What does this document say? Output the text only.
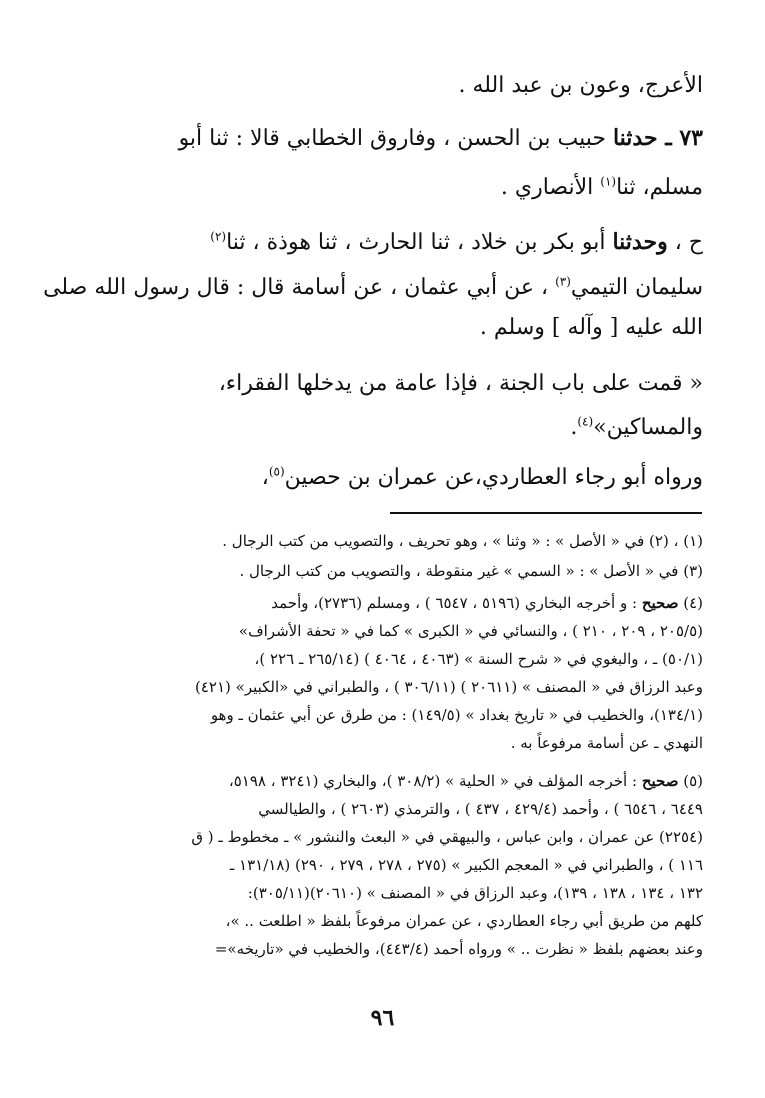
الأعرج، وعون بن عبد الله .
٧٣ ـ حدثنا حبيب بن الحسن ، وفاروق الخطابي قالا : ثنا أبو
مسلم، ثنا$^{(١)}$ الأنصاري .
ح ، وحدثنا أبو بكر بن خلاد ، ثنا الحارث ، ثنا هوذة ، ثنا$^{(٢)}$
سليمان التيمي$^{(٣)}$ ، عن أبي عثمان ، عن أسامة قال : قال رسول الله صلى
الله عليه [ وآله ] وسلم .
« قمت على باب الجنة ، فإذا عامة من يدخلها الفقراء،
والمساكين»$^{(٤)}$.
ورواه أبو رجاء العطاردي،عن عمران بن حصين$^{(٥)}$،
(١) ، (٢) في « الأصل » : « وثنا » ، وهو تحريف ، والتصويب من كتب الرجال .
(٣) في « الأصل » : « السمي » غير منقوطة ، والتصويب من كتب الرجال .
(٤) صحيح : و أخرجه البخاري (٥١٩٦ ، ٦٥٤٧ ) ، ومسلم (٢٧٣٦)، وأحمد
(٢٠٥/٥ ، ٢٠٩ ، ٢١٠ ) ، والنسائي في « الكبرى » كما في « تحفة الأشراف»
(٥٠/١) ـ ، والبغوي في « شرح السنة » (٤٠٦٣ ، ٤٠٦٤ ) (٢٦٥/١٤ ـ ٢٢٦ )،
وعبد الرزاق في « المصنف » (٢٠٦١١ ) (٣٠٦/١١ ) ، والطبراني في «الكبير» (٤٢١)
(١٣٤/١)، والخطيب في « تاريخ بغداد » (١٤٩/٥) : من طرق عن أبي عثمان ـ وهو
النهدي ـ عن أسامة مرفوعاً به .
(٥) صحيح : أخرجه المؤلف في « الحلية » (٣٠٨/٢ )، والبخاري (٣٢٤١ ، ٥١٩٨،
٦٤٤٩ ، ٦٥٤٦ ) ، وأحمد (٤٢٩/٤ ، ٤٣٧ ) ، والترمذي (٢٦٠٣ ) ، والطيالسي
(٢٢٥٤) عن عمران ، وابن عباس ، والبيهقي في « البعث والنشور » ـ مخطوط ـ ( ق
١١٦ ) ، والطبراني في « المعجم الكبير » (٢٧٥ ، ٢٧٨ ، ٢٧٩ ، ٢٩٠) (١٣١/١٨ ـ
١٣٢ ، ١٣٤ ، ١٣٨ ، ١٣٩)، وعبد الرزاق في « المصنف » (٢٠٦١٠)(٣٠٥/١١):
كلهم من طريق أبي رجاء العطاردي ، عن عمران مرفوعاً بلفظ « اطلعت .. »،
وعند بعضهم بلفظ « نظرت .. » ورواه أحمد (٤٤٣/٤)، والخطيب في «تاريخه»=
٩٦
